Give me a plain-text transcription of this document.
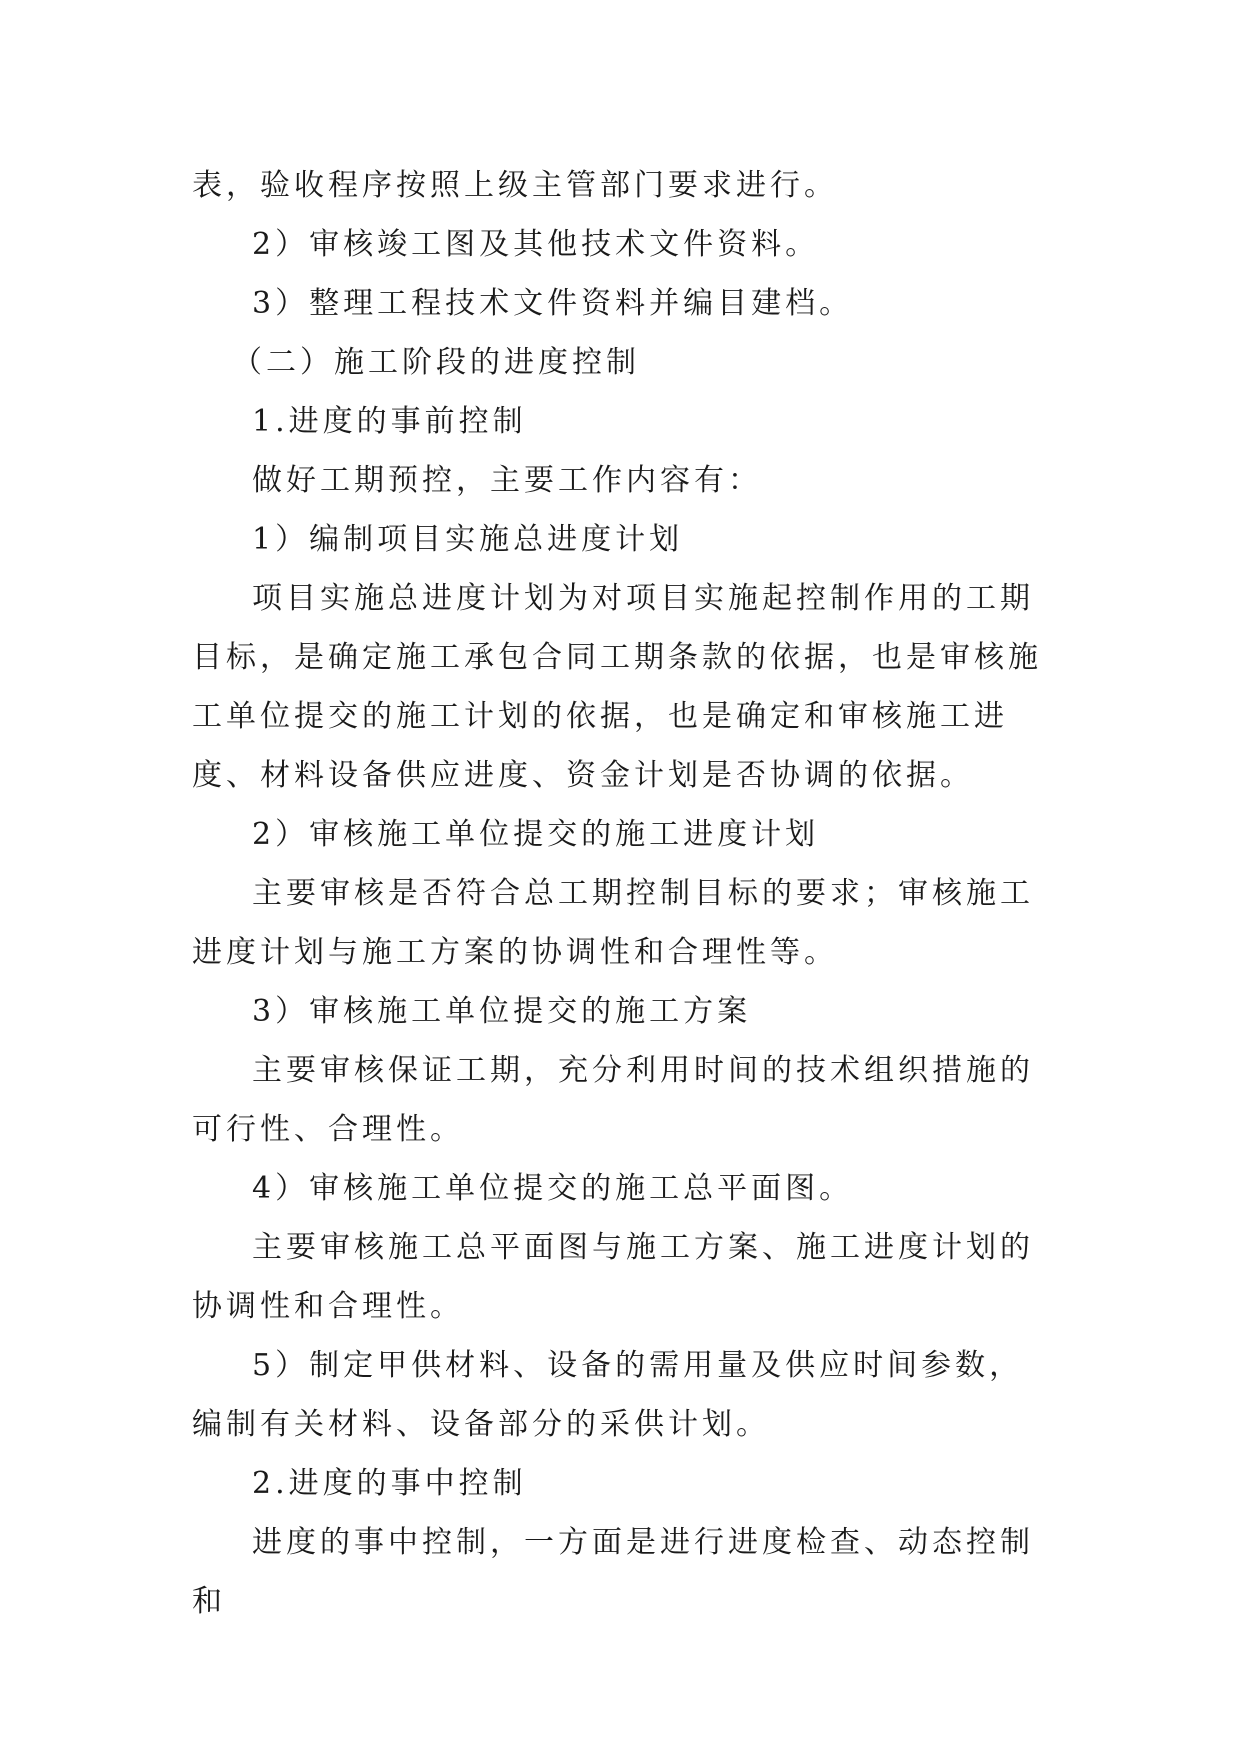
表，验收程序按照上级主管部门要求进行。

2）审核竣工图及其他技术文件资料。

3）整理工程技术文件资料并编目建档。

（二）施工阶段的进度控制

1.进度的事前控制

做好工期预控，主要工作内容有：

1）编制项目实施总进度计划

项目实施总进度计划为对项目实施起控制作用的工期目标，是确定施工承包合同工期条款的依据，也是审核施工单位提交的施工计划的依据，也是确定和审核施工进度、材料设备供应进度、资金计划是否协调的依据。

2）审核施工单位提交的施工进度计划

主要审核是否符合总工期控制目标的要求；审核施工进度计划与施工方案的协调性和合理性等。

3）审核施工单位提交的施工方案

主要审核保证工期，充分利用时间的技术组织措施的可行性、合理性。

4）审核施工单位提交的施工总平面图。

主要审核施工总平面图与施工方案、施工进度计划的协调性和合理性。

5）制定甲供材料、设备的需用量及供应时间参数，编制有关材料、设备部分的采供计划。

2.进度的事中控制

进度的事中控制，一方面是进行进度检查、动态控制和
